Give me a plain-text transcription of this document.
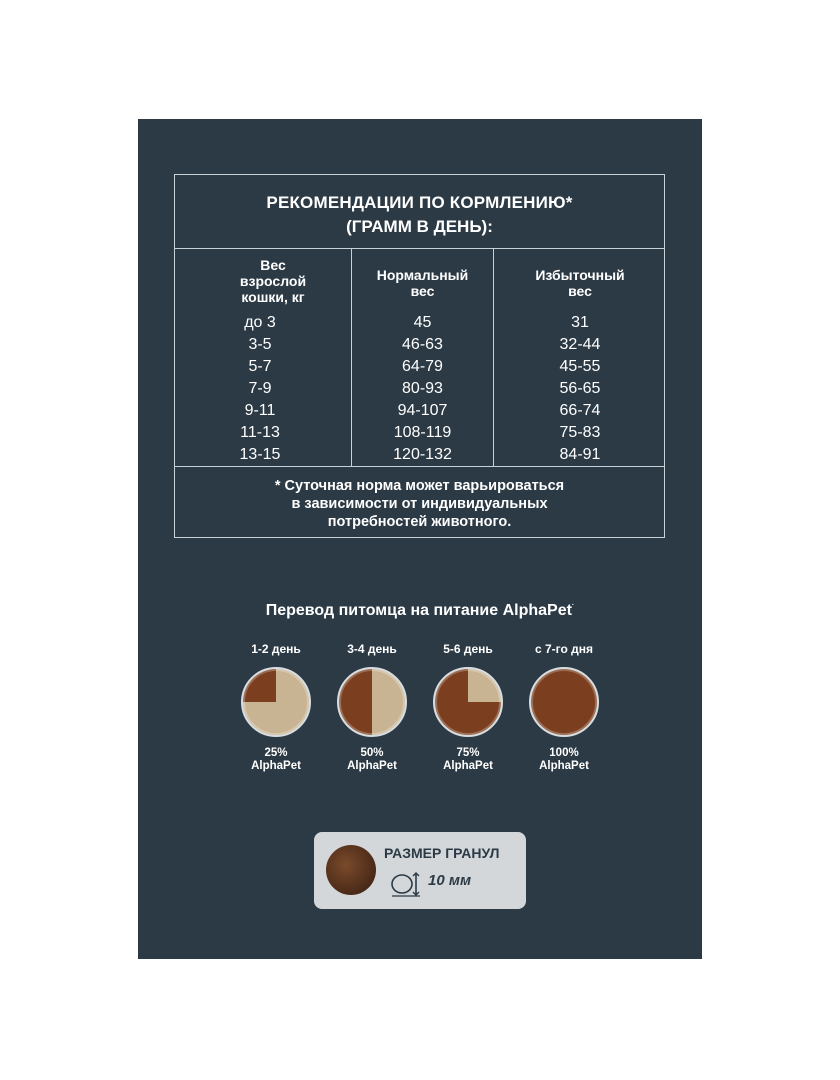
РЕКОМЕНДАЦИИ ПО КОРМЛЕНИЮ*
(ГРАММ В ДЕНЬ):
Вес
взрослой
кошки, кг
до 3
3-5
5-7
7-9
9-11
11-13
13-15
Нормальный
вес
45
46-63
64-79
80-93
94-107
108-119
120-132
Избыточный
вес
31
32-44
45-55
56-65
66-74
75-83
84-91
* Суточная норма может варьироваться
в зависимости от индивидуальных
потребностей животного.
Перевод питомца на питание AlphaPet·
1-2 день
25%
AlphaPet
3-4 день
50%
AlphaPet
5-6 день
75%
AlphaPet
с 7-го дня
100%
AlphaPet
РАЗМЕР ГРАНУЛ
10 мм
